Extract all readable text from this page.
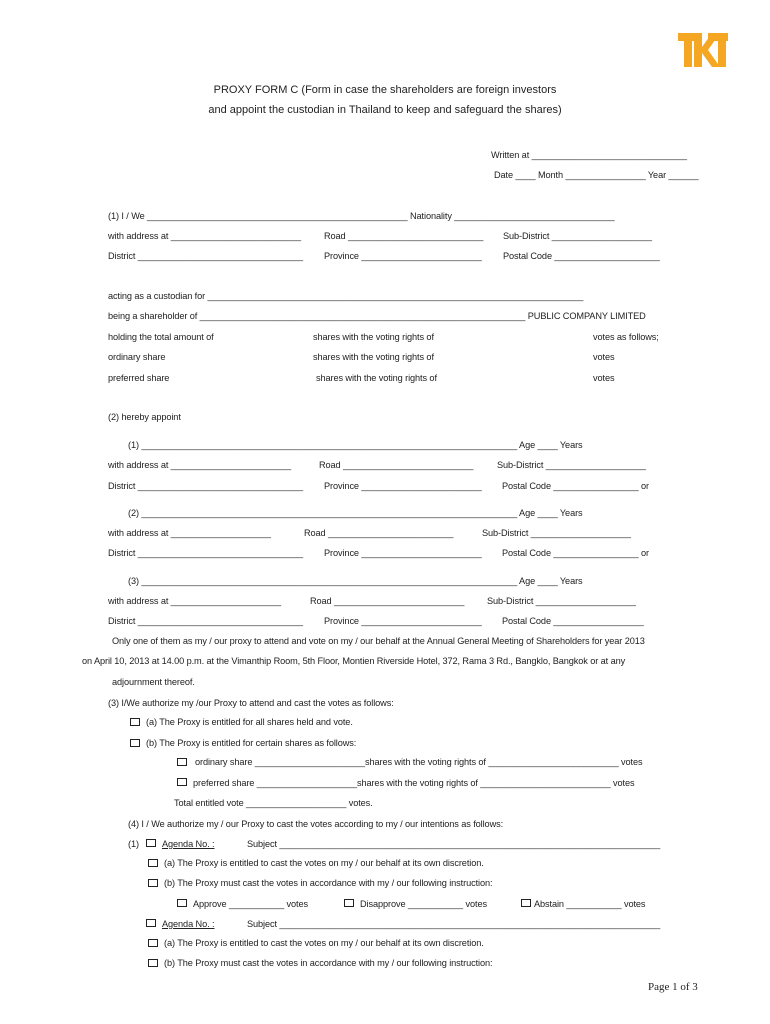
PROXY FORM C (Form in case the shareholders are foreign investors
and appoint the custodian in Thailand to keep and safeguard the shares)
Written at _______________________________
Date ____ Month ________________ Year ______
(1) I / We ____________________________________________________ Nationality ________________________________
with address at __________________________	Road ___________________________ Sub-District ____________________
District _________________________________ Province ________________________ Postal Code _____________________
acting as a custodian for ___________________________________________________________________________
being a shareholder of _________________________________________________________________ PUBLIC COMPANY LIMITED
holding the total amount of	shares with the voting rights of	votes as follows;
ordinary share	shares with the voting rights of	votes
preferred share	shares with the voting rights of	votes
(2) hereby appoint
(1) ___________________________________________________________________________ Age ____ Years
with address at ________________________	Road __________________________	Sub-District ____________________
District _________________________________ Province ________________________ Postal Code _________________ or
(2) ___________________________________________________________________________ Age ____ Years
with address at ____________________	Road _________________________	Sub-District ____________________
District _________________________________ Province ________________________ Postal Code _________________ or
(3) ___________________________________________________________________________ Age ____ Years
with address at ______________________	Road __________________________ Sub-District ____________________
District _________________________________ Province ________________________ Postal Code __________________
Only one of them as my / our proxy to attend and vote on my / our behalf at the Annual General Meeting of Shareholders for year 2013
on April 10, 2013 at 14.00 p.m. at the Vimanthip Room, 5th Floor, Montien Riverside Hotel, 372, Rama 3 Rd., Bangklo, Bangkok or at any
adjournment thereof.
(3) I/We authorize my /our Proxy to attend and cast the votes as follows:
(a) The Proxy is entitled for all shares held and vote.
(b) The Proxy is entitled for certain shares as follows:
ordinary share ______________________shares with the voting rights of __________________________ votes
preferred share ____________________shares with the voting rights of __________________________ votes
Total entitled vote ____________________ votes.
(4) I / We authorize my / our Proxy to cast the votes according to my / our intentions as follows:
(1)	Agenda No. :	Subject ____________________________________________________________________________
(a) The Proxy is entitled to cast the votes on my / our behalf at its own discretion.
(b) The Proxy must cast the votes in accordance with my / our following instruction:
Approve ___________ votes	Disapprove ___________ votes	Abstain ___________ votes
Agenda No. :	Subject ____________________________________________________________________________
(a) The Proxy is entitled to cast the votes on my / our behalf at its own discretion.
(b) The Proxy must cast the votes in accordance with my / our following instruction:
Page 1 of 3
